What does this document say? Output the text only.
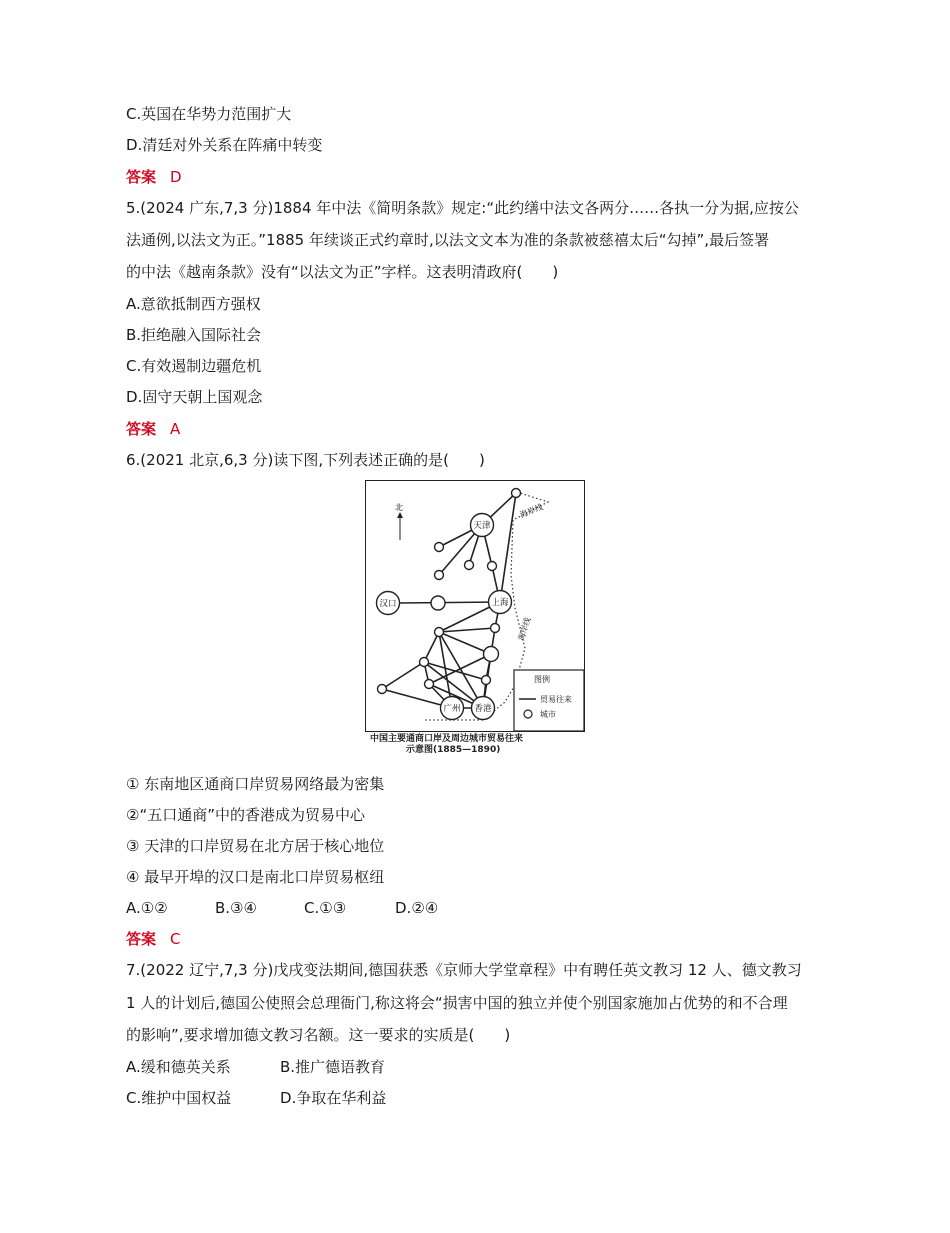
C.英国在华势力范围扩大
D.清廷对外关系在阵痛中转变
答案 D
5.(2024 广东,7,3 分)1884 年中法《简明条款》规定:“此约缮中法文各两分……各执一分为据,应按公
法通例,以法文为正。”1885 年续谈正式约章时,以法文文本为准的条款被慈禧太后“勾掉”,最后签署
的中法《越南条款》没有“以法文为正”字样。这表明清政府(　　)
A.意欲抵制西方强权
B.拒绝融入国际社会
C.有效遏制边疆危机
D.固守天朝上国观念
答案 A
6.(2021 北京,6,3 分)读下图,下列表述正确的是(　　)
北
天津
上海
汉口
广州 香港
海岸线
海岸线
图例
贸易往来
城市
中国主要通商口岸及周边城市贸易往来
示意图(1885—1890)
① 东南地区通商口岸贸易网络最为密集
②“五口通商”中的香港成为贸易中心
③ 天津的口岸贸易在北方居于核心地位
④ 最早开埠的汉口是南北口岸贸易枢纽
A.①②	B.③④	C.①③	D.②④
答案 C
7.(2022 辽宁,7,3 分)戊戌变法期间,德国获悉《京师大学堂章程》中有聘任英文教习 12 人、德文教习
1 人的计划后,德国公使照会总理衙门,称这将会“损害中国的独立并使个别国家施加占优势的和不合理
的影响”,要求增加德文教习名额。这一要求的实质是(　　)
A.缓和德英关系	B.推广德语教育
C.维护中国权益	D.争取在华利益
